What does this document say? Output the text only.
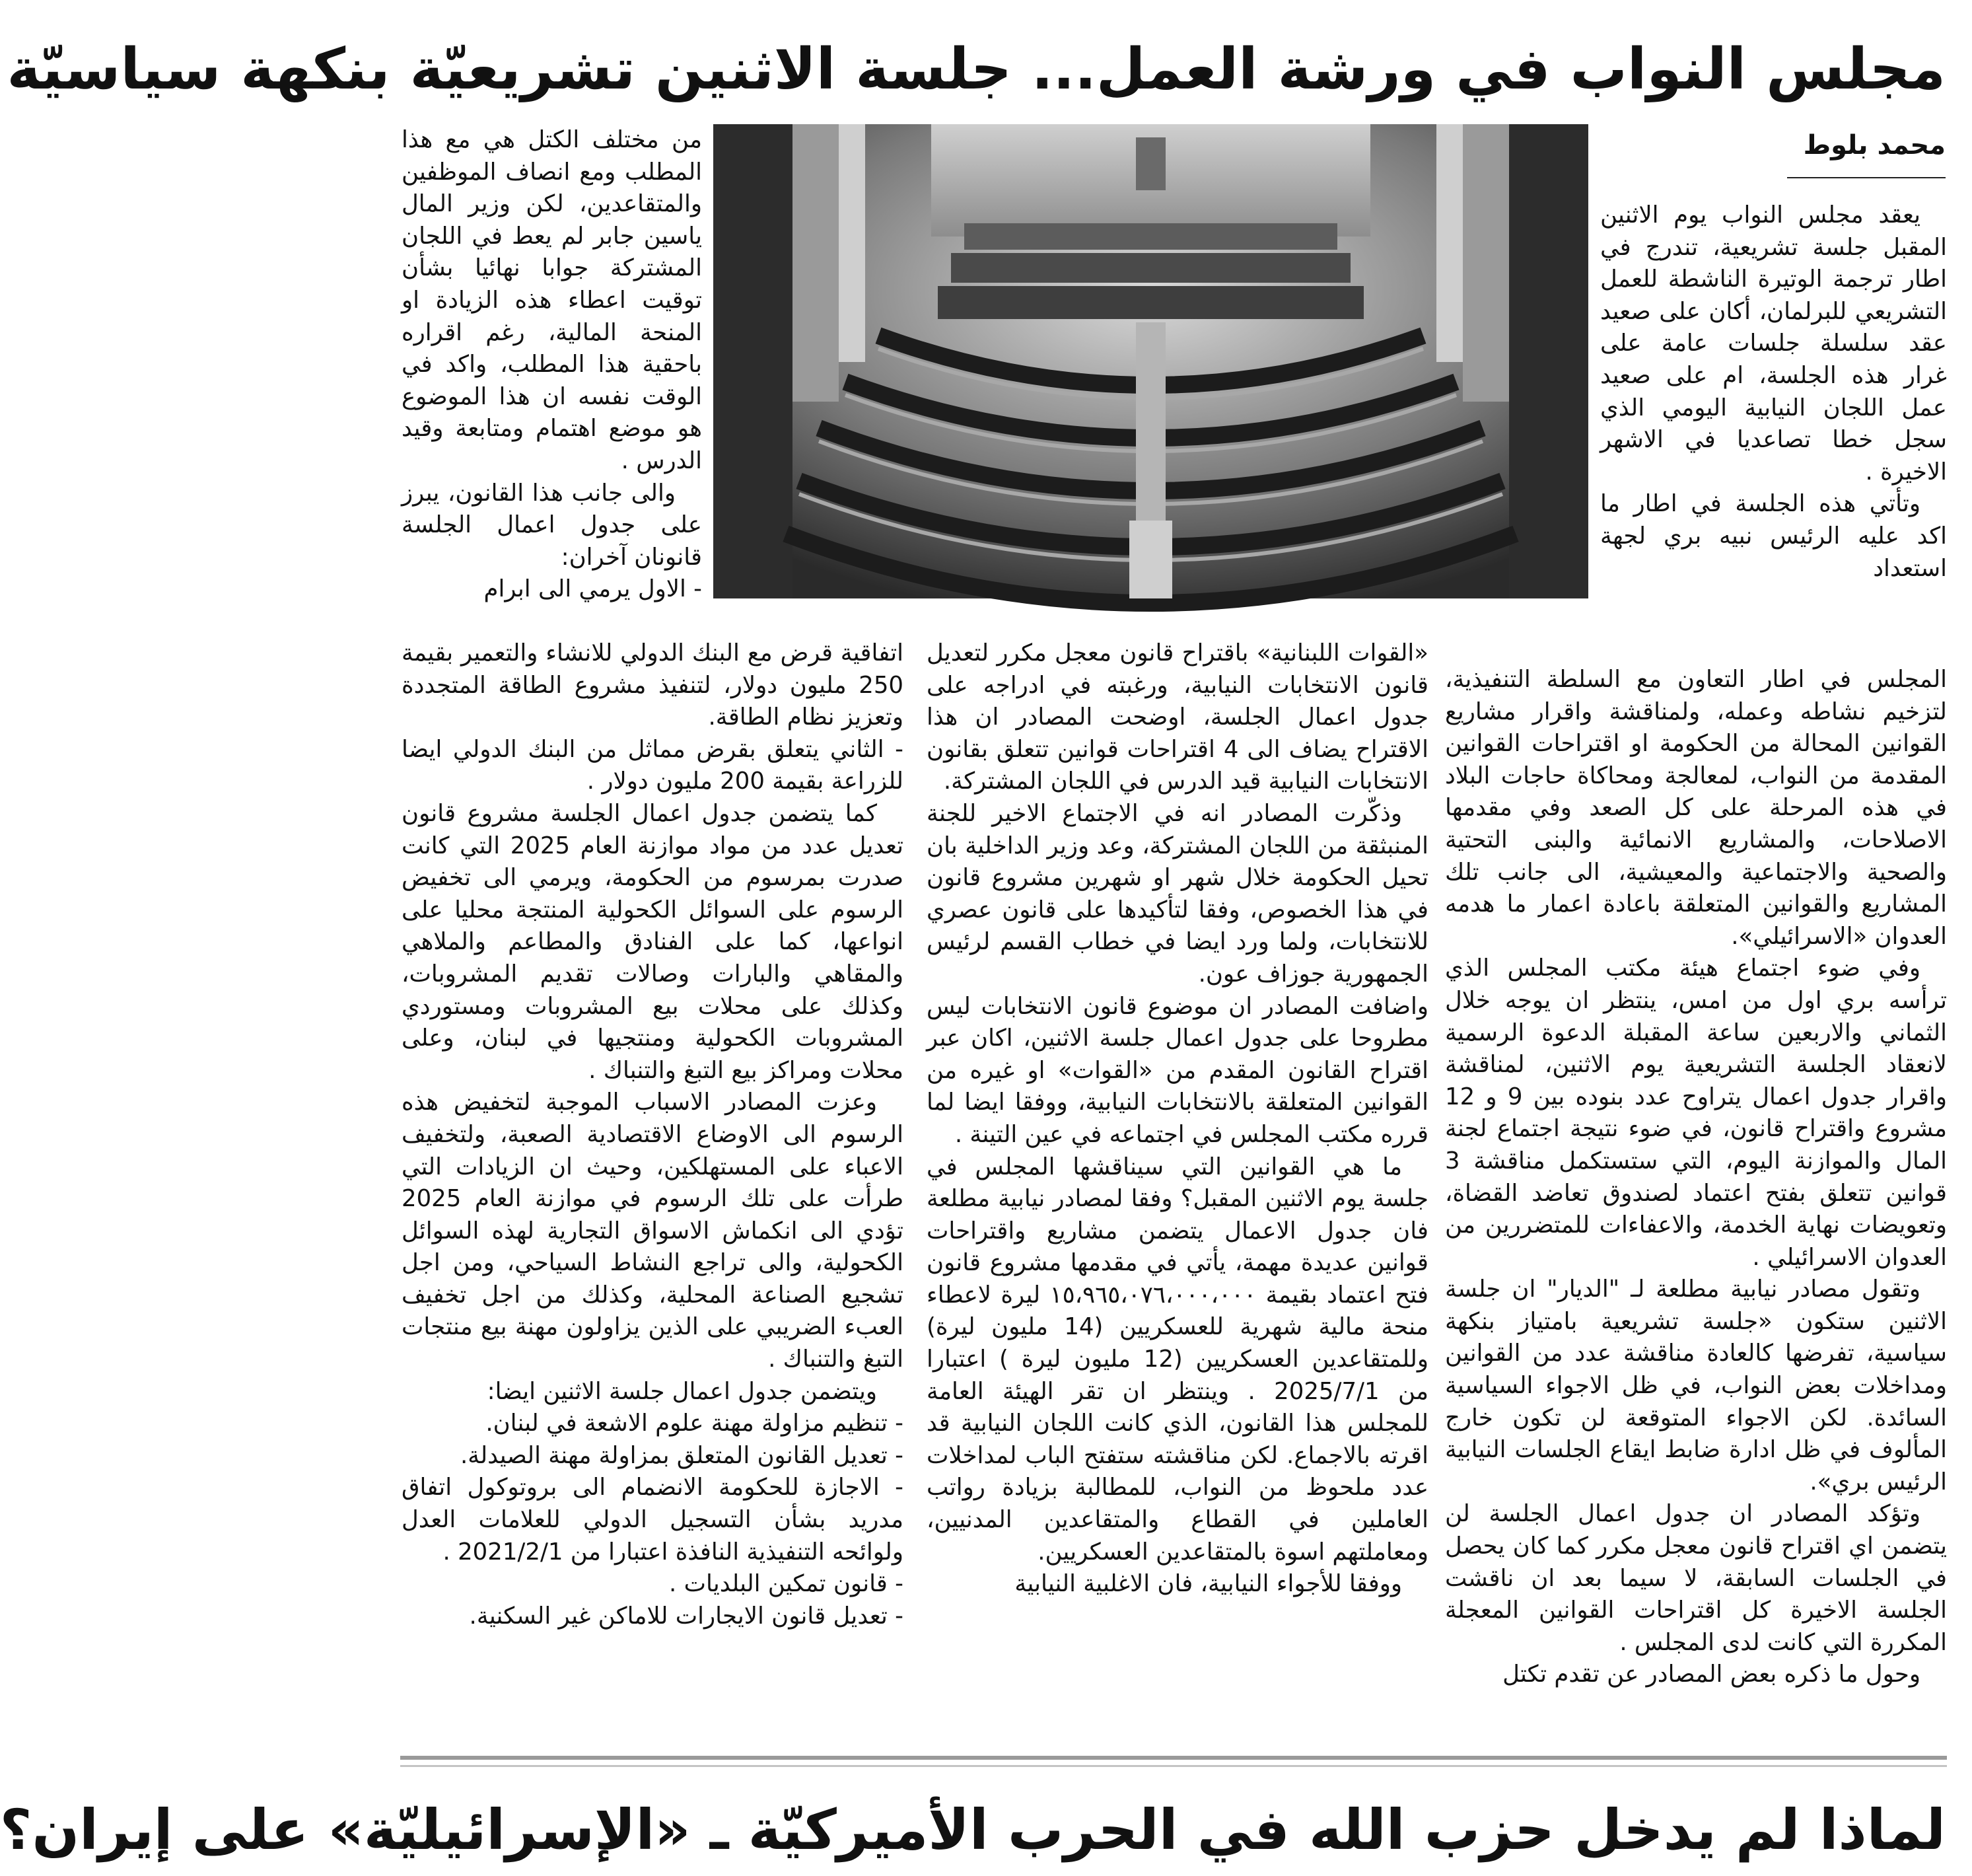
مجلس النواب في ورشة العمل... جلسة الاثنين تشريعيّة بنكهة سياسيّة
محمد بلوط

يعقد مجلس النواب يوم الاثنين المقبل جلسة تشريعية، تندرج في اطار ترجمة الوتيرة الناشطة للعمل التشريعي للبرلمان، أكان على صعيد عقد سلسلة جلسات عامة على غرار هذه الجلسة، ام على صعيد عمل اللجان النيابية اليومي الذي سجل خطا تصاعديا في الاشهر الاخيرة .

وتأتي هذه الجلسة في اطار ما اكد عليه الرئيس نبيه بري لجهة استعداد

المجلس في اطار التعاون مع السلطة التنفيذية، لتزخيم نشاطه وعمله، ولمناقشة واقرار مشاريع القوانين المحالة من الحكومة او اقتراحات القوانين المقدمة من النواب، لمعالجة ومحاكاة حاجات البلاد في هذه المرحلة على كل الصعد وفي مقدمها الاصلاحات، والمشاريع الانمائية والبنى التحتية والصحية والاجتماعية والمعيشية، الى جانب تلك المشاريع والقوانين المتعلقة باعادة اعمار ما هدمه العدوان «الاسرائيلي».

وفي ضوء اجتماع هيئة مكتب المجلس الذي ترأسه بري اول من امس، ينتظر ان يوجه خلال الثماني والاربعين ساعة المقبلة الدعوة الرسمية لانعقاد الجلسة التشريعية يوم الاثنين، لمناقشة واقرار جدول اعمال يتراوح عدد بنوده بين 9 و 12 مشروع واقتراح قانون، في ضوء نتيجة اجتماع لجنة المال والموازنة اليوم، التي ستستكمل مناقشة 3 قوانين تتعلق بفتح اعتماد لصندوق تعاضد القضاة، وتعويضات نهاية الخدمة، والاعفاءات للمتضررين من العدوان الاسرائيلي .

وتقول مصادر نيابية مطلعة لـ "الديار" ان جلسة الاثنين ستكون «جلسة تشريعية بامتياز بنكهة سياسية، تفرضها كالعادة مناقشة عدد من القوانين ومداخلات بعض النواب، في ظل الاجواء السياسية السائدة. لكن الاجواء المتوقعة لن تكون خارج المألوف في ظل ادارة ضابط ايقاع الجلسات النيابية الرئيس بري».

وتؤكد المصادر ان جدول اعمال الجلسة لن يتضمن اي اقتراح قانون معجل مكرر كما كان يحصل في الجلسات السابقة، لا سيما بعد ان ناقشت الجلسة الاخيرة كل اقتراحات القوانين المعجلة المكررة التي كانت لدى المجلس .

وحول ما ذكره بعض المصادر عن تقدم تكتل

«القوات اللبنانية» باقتراح قانون معجل مكرر لتعديل قانون الانتخابات النيابية، ورغبته في ادراجه على جدول اعمال الجلسة، اوضحت المصادر ان هذا الاقتراح يضاف الى 4 اقتراحات قوانين تتعلق بقانون الانتخابات النيابية قيد الدرس في اللجان المشتركة.

وذكّرت المصادر انه في الاجتماع الاخير للجنة المنبثقة من اللجان المشتركة، وعد وزير الداخلية بان تحيل الحكومة خلال شهر او شهرين مشروع قانون في هذا الخصوص، وفقا لتأكيدها على قانون عصري للانتخابات، ولما ورد ايضا في خطاب القسم لرئيس الجمهورية جوزاف عون.

واضافت المصادر ان موضوع قانون الانتخابات ليس مطروحا على جدول اعمال جلسة الاثنين، اكان عبر اقتراح القانون المقدم من «القوات» او غيره من القوانين المتعلقة بالانتخابات النيابية، ووفقا ايضا لما قرره مكتب المجلس في اجتماعه في عين التينة .

ما هي القوانين التي سيناقشها المجلس في جلسة يوم الاثنين المقبل؟ وفقا لمصادر نيابية مطلعة فان جدول الاعمال يتضمن مشاريع واقتراحات قوانين عديدة مهمة، يأتي في مقدمها مشروع قانون فتح اعتماد بقيمة ١٥،٩٦٥،٠٧٦،٠٠٠،٠٠٠ ليرة لاعطاء منحة مالية شهرية للعسكريين (14 مليون ليرة) وللمتقاعدين العسكريين (12 مليون ليرة ) اعتبارا من 2025/7/1 . وينتظر ان تقر الهيئة العامة للمجلس هذا القانون، الذي كانت اللجان النيابية قد اقرته بالاجماع. لكن مناقشته ستفتح الباب لمداخلات عدد ملحوظ من النواب، للمطالبة بزيادة رواتب العاملين في القطاع والمتقاعدين المدنيين، ومعاملتهم اسوة بالمتقاعدين العسكريين.

ووفقا للأجواء النيابية، فان الاغلبية النيابية

من مختلف الكتل هي مع هذا المطلب ومع انصاف الموظفين والمتقاعدين، لكن وزير المال ياسين جابر لم يعط في اللجان المشتركة جوابا نهائيا بشأن توقيت اعطاء هذه الزيادة او المنحة المالية، رغم اقراره باحقية هذا المطلب، واكد في الوقت نفسه ان هذا الموضوع هو موضع اهتمام ومتابعة وقيد الدرس .

والى جانب هذا القانون، يبرز على جدول اعمال الجلسة قانونان آخران:

- الاول يرمي الى ابرام

اتفاقية قرض مع البنك الدولي للانشاء والتعمير بقيمة 250 مليون دولار، لتنفيذ مشروع الطاقة المتجددة وتعزيز نظام الطاقة.

- الثاني يتعلق بقرض مماثل من البنك الدولي ايضا للزراعة بقيمة 200 مليون دولار .

كما يتضمن جدول اعمال الجلسة مشروع قانون تعديل عدد من مواد موازنة العام 2025 التي كانت صدرت بمرسوم من الحكومة، ويرمي الى تخفيض الرسوم على السوائل الكحولية المنتجة محليا على انواعها، كما على الفنادق والمطاعم والملاهي والمقاهي والبارات وصالات تقديم المشروبات، وكذلك على محلات بيع المشروبات ومستوردي المشروبات الكحولية ومنتجيها في لبنان، وعلى محلات ومراكز بيع التبغ والتنباك .

وعزت المصادر الاسباب الموجبة لتخفيض هذه الرسوم الى الاوضاع الاقتصادية الصعبة، ولتخفيف الاعباء على المستهلكين، وحيث ان الزيادات التي طرأت على تلك الرسوم في موازنة العام 2025 تؤدي الى انكماش الاسواق التجارية لهذه السوائل الكحولية، والى تراجع النشاط السياحي، ومن اجل تشجيع الصناعة المحلية، وكذلك من اجل تخفيف العبء الضريبي على الذين يزاولون مهنة بيع منتجات التبغ والتنباك .

ويتضمن جدول اعمال جلسة الاثنين ايضا:

- تنظيم مزاولة مهنة علوم الاشعة في لبنان.

- تعديل القانون المتعلق بمزاولة مهنة الصيدلة.

- الاجازة للحكومة الانضمام الى بروتوكول اتفاق مدريد بشأن التسجيل الدولي للعلامات العدل ولوائحه التنفيذية النافذة اعتبارا من 2021/2/1 .

- قانون تمكين البلديات .

- تعديل قانون الايجارات للاماكن غير السكنية.

لماذا لم يدخل حزب الله في الحرب الأميركيّة ـ «الإسرائيليّة» على إيران؟
